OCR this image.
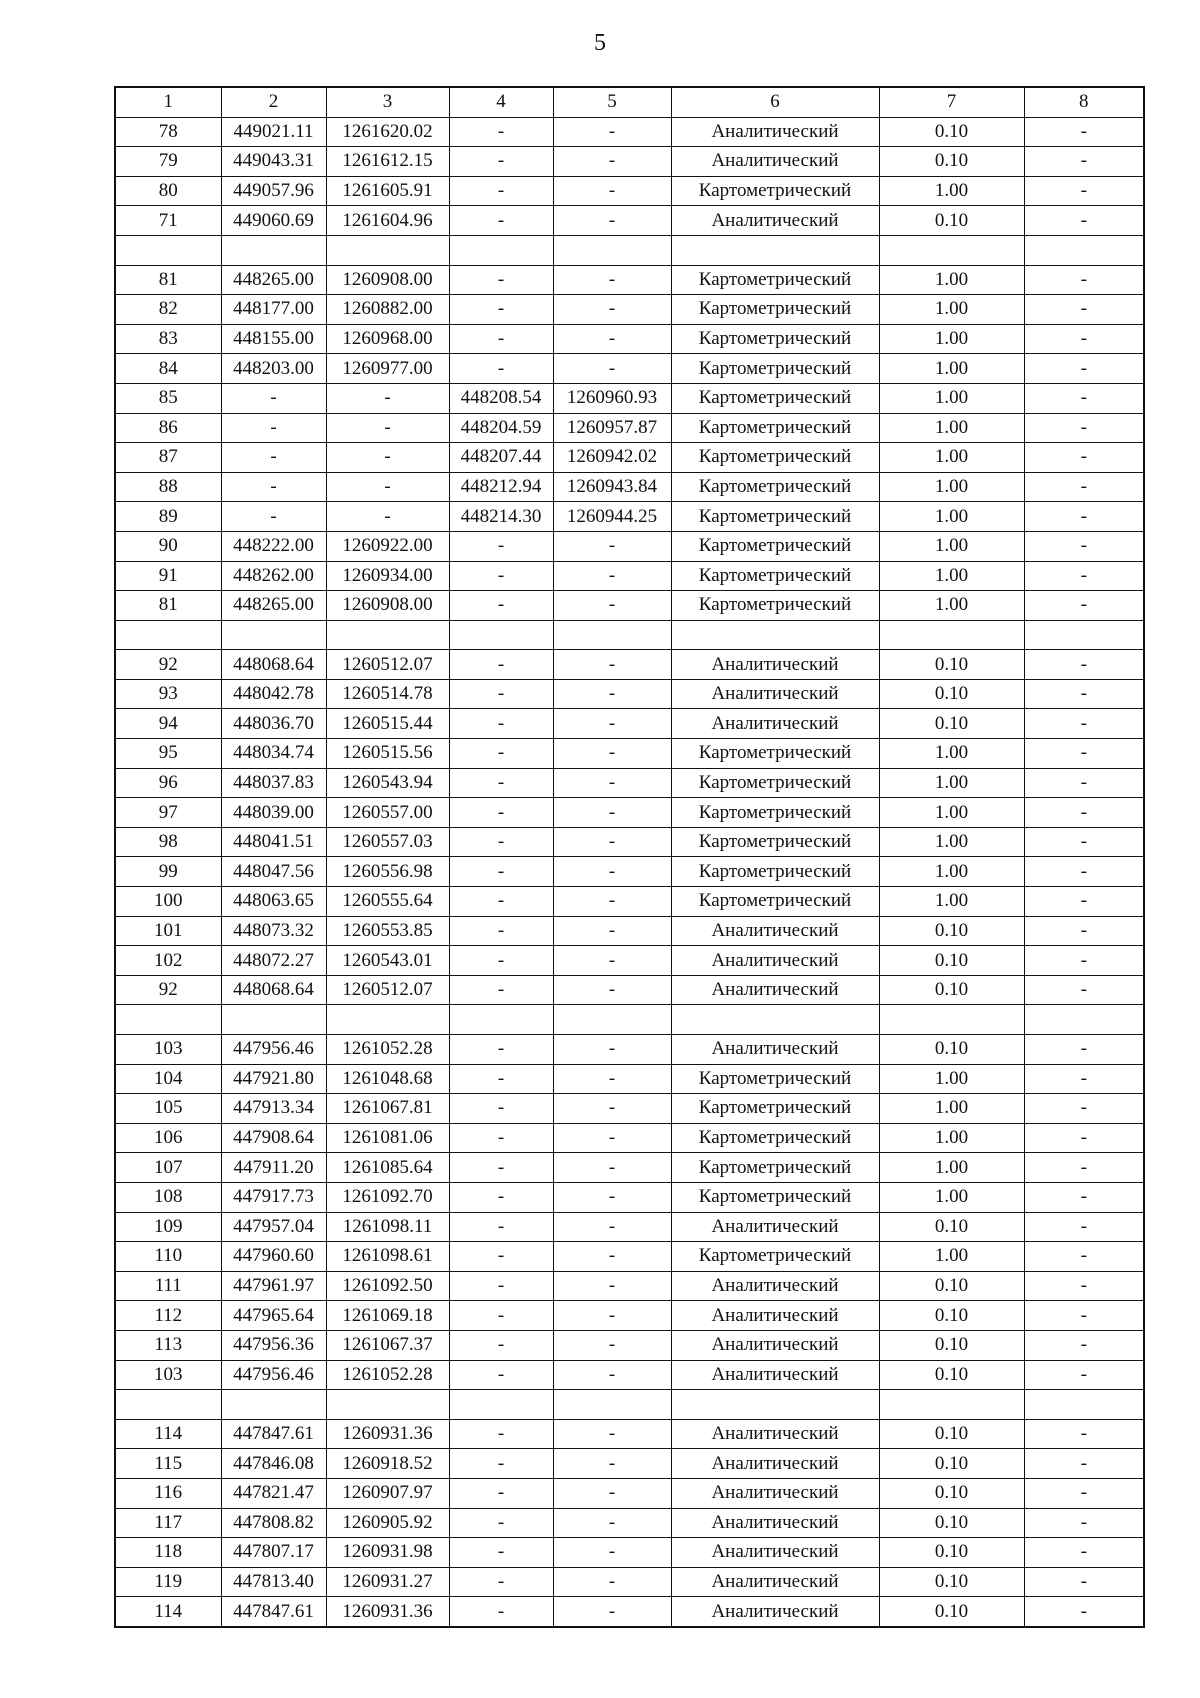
5
1	2	3	4	5	6	7	8
78	449021.11	1261620.02	-	-	Аналитический	0.10	-
79	449043.31	1261612.15	-	-	Аналитический	0.10	-
80	449057.96	1261605.91	-	-	Картометрический	1.00	-
71	449060.69	1261604.96	-	-	Аналитический	0.10	-

81	448265.00	1260908.00	-	-	Картометрический	1.00	-
82	448177.00	1260882.00	-	-	Картометрический	1.00	-
83	448155.00	1260968.00	-	-	Картометрический	1.00	-
84	448203.00	1260977.00	-	-	Картометрический	1.00	-
85	-	-	448208.54	1260960.93	Картометрический	1.00	-
86	-	-	448204.59	1260957.87	Картометрический	1.00	-
87	-	-	448207.44	1260942.02	Картометрический	1.00	-
88	-	-	448212.94	1260943.84	Картометрический	1.00	-
89	-	-	448214.30	1260944.25	Картометрический	1.00	-
90	448222.00	1260922.00	-	-	Картометрический	1.00	-
91	448262.00	1260934.00	-	-	Картометрический	1.00	-
81	448265.00	1260908.00	-	-	Картометрический	1.00	-

92	448068.64	1260512.07	-	-	Аналитический	0.10	-
93	448042.78	1260514.78	-	-	Аналитический	0.10	-
94	448036.70	1260515.44	-	-	Аналитический	0.10	-
95	448034.74	1260515.56	-	-	Картометрический	1.00	-
96	448037.83	1260543.94	-	-	Картометрический	1.00	-
97	448039.00	1260557.00	-	-	Картометрический	1.00	-
98	448041.51	1260557.03	-	-	Картометрический	1.00	-
99	448047.56	1260556.98	-	-	Картометрический	1.00	-
100	448063.65	1260555.64	-	-	Картометрический	1.00	-
101	448073.32	1260553.85	-	-	Аналитический	0.10	-
102	448072.27	1260543.01	-	-	Аналитический	0.10	-
92	448068.64	1260512.07	-	-	Аналитический	0.10	-

103	447956.46	1261052.28	-	-	Аналитический	0.10	-
104	447921.80	1261048.68	-	-	Картометрический	1.00	-
105	447913.34	1261067.81	-	-	Картометрический	1.00	-
106	447908.64	1261081.06	-	-	Картометрический	1.00	-
107	447911.20	1261085.64	-	-	Картометрический	1.00	-
108	447917.73	1261092.70	-	-	Картометрический	1.00	-
109	447957.04	1261098.11	-	-	Аналитический	0.10	-
110	447960.60	1261098.61	-	-	Картометрический	1.00	-
111	447961.97	1261092.50	-	-	Аналитический	0.10	-
112	447965.64	1261069.18	-	-	Аналитический	0.10	-
113	447956.36	1261067.37	-	-	Аналитический	0.10	-
103	447956.46	1261052.28	-	-	Аналитический	0.10	-

114	447847.61	1260931.36	-	-	Аналитический	0.10	-
115	447846.08	1260918.52	-	-	Аналитический	0.10	-
116	447821.47	1260907.97	-	-	Аналитический	0.10	-
117	447808.82	1260905.92	-	-	Аналитический	0.10	-
118	447807.17	1260931.98	-	-	Аналитический	0.10	-
119	447813.40	1260931.27	-	-	Аналитический	0.10	-
114	447847.61	1260931.36	-	-	Аналитический	0.10	-
